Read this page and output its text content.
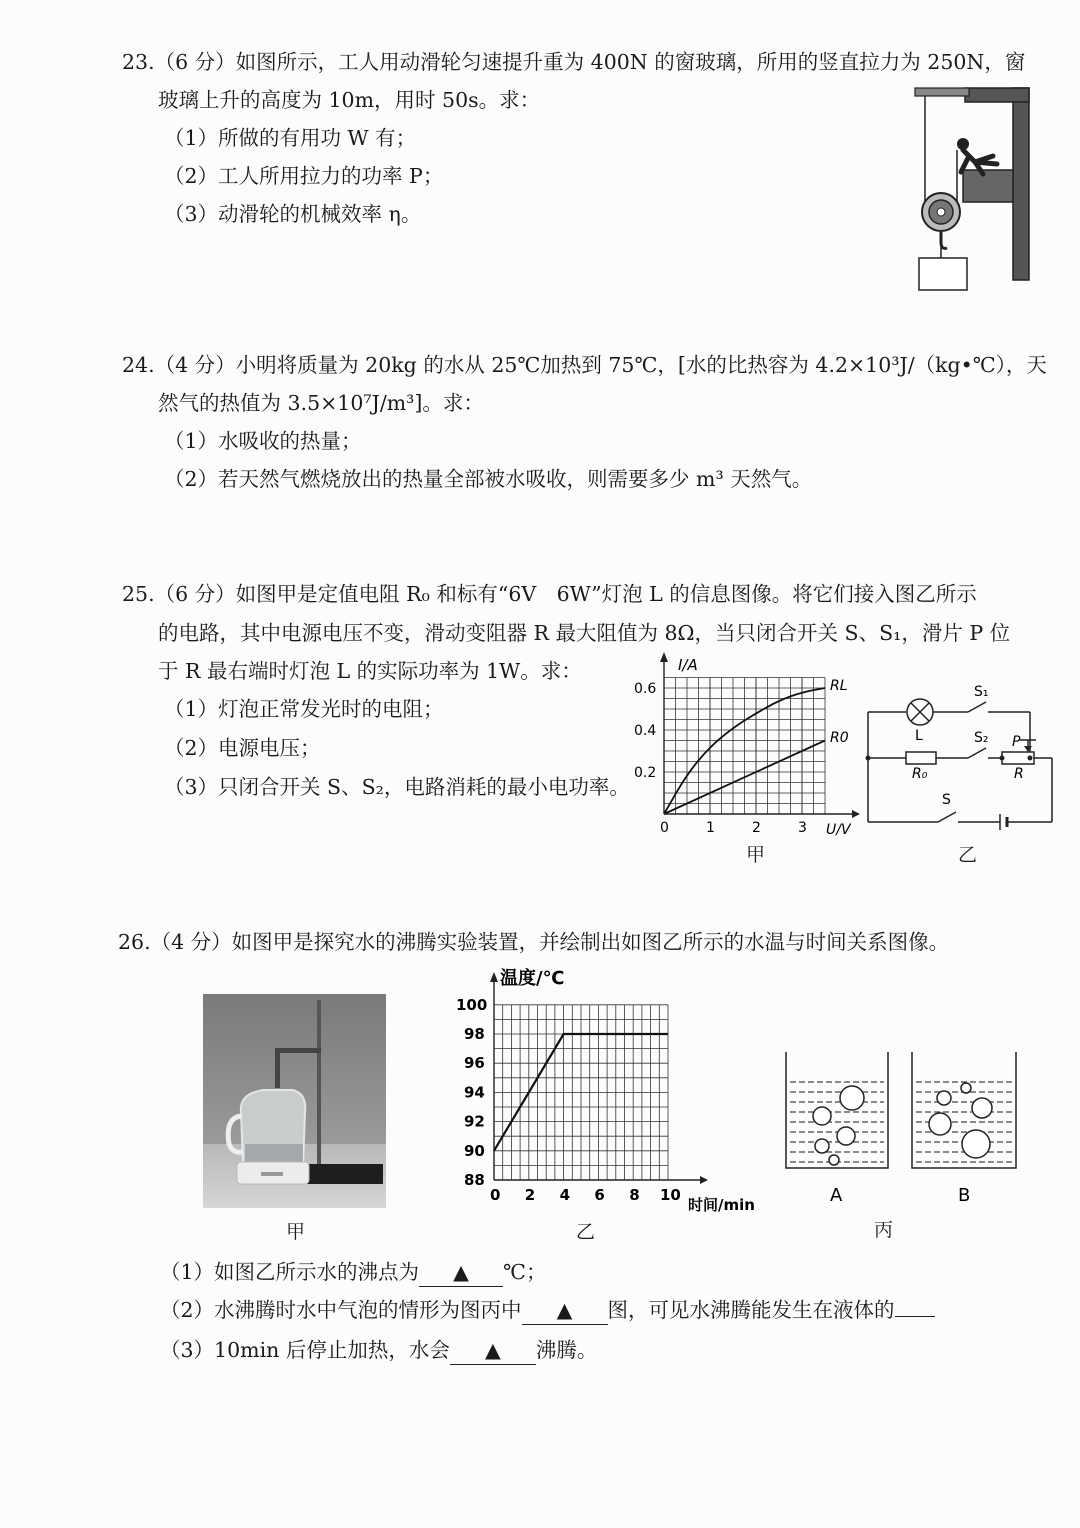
23.（6 分）如图所示，工人用动滑轮匀速提升重为 400N 的窗玻璃，所用的竖直拉力为 250N，窗
玻璃上升的高度为 10m，用时 50s。求：
（1）所做的有用功 W 有；
（2）工人所用拉力的功率 P；
（3）动滑轮的机械效率 η。
24.（4 分）小明将质量为 20kg 的水从 25℃加热到 75℃，[水的比热容为 4.2×10³J/（kg•℃），天
然气的热值为 3.5×10⁷J/m³]。求：
（1）水吸收的热量；
（2）若天然气燃烧放出的热量全部被水吸收，则需要多少 m³ 天然气。
25.（6 分）如图甲是定值电阻 R₀ 和标有“6V　6W”灯泡 L 的信息图像。将它们接入图乙所示
的电路，其中电源电压不变，滑动变阻器 R 最大阻值为 8Ω，当只闭合开关 S、S₁，滑片 P 位
于 R 最右端时灯泡 L 的实际功率为 1W。求：
（1）灯泡正常发光时的电阻；
（2）电源电压；
（3）只闭合开关 S、S₂，电路消耗的最小电功率。
0	1	2	3
0.2
0.4
0.6
I/A
U/V
RL
R0
甲
S₁
L	S₂ P
R₀	R
S
乙
26.（4 分）如图甲是探究水的沸腾实验装置，并绘制出如图乙所示的水温与时间关系图像。
甲
0 2 4 6 8 10
88
90
92
94
96
98
100
温度/℃
时间/min
乙
A	B
丙
（1）如图乙所示水的沸点为 ▲ ℃；
（2）水沸腾时水中气泡的情形为图丙中 ▲ 图，可见水沸腾能发生在液体的
（3）10min 后停止加热，水会 ▲ 沸腾。
